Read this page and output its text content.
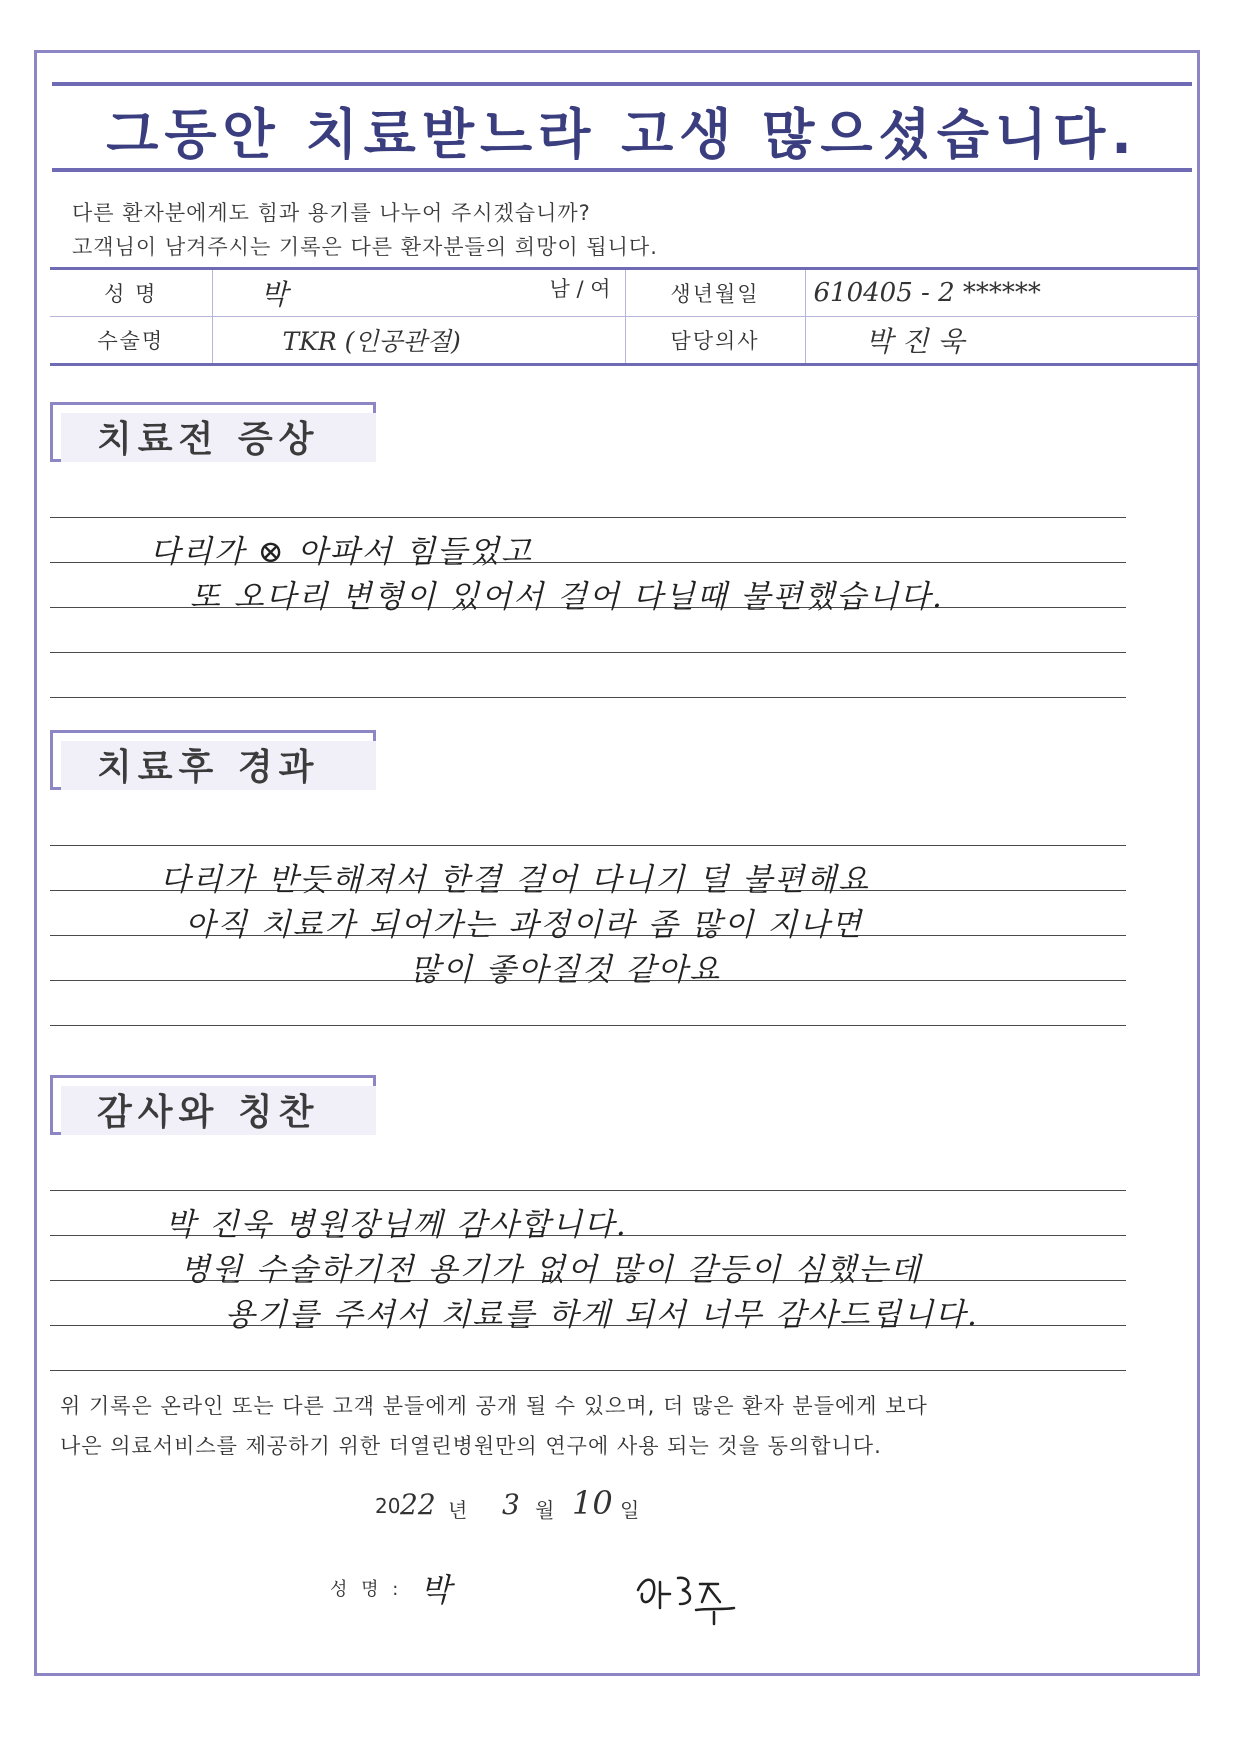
그동안 치료받느라 고생 많으셨습니다.
다른 환자분에게도 힘과 용기를 나누어 주시겠습니까?
고객님이 남겨주시는 기록은 다른 환자분들의 희망이 됩니다.
성 명	박 남 / 여	생년월일	610405 - 2 ******
수술명	TKR (인공관절)	담당의사	박 진 욱
치료전 증상
다리가 ⊗ 아파서 힘들었고
또 오다리 변형이 있어서 걸어 다닐때 불편했습니다.
치료후 경과
다리가 반듯해져서 한결 걸어 다니기 덜 불편해요
아직 치료가 되어가는 과정이라 좀 많이 지나면
많이 좋아질것 같아요
감사와 칭찬
박 진욱 병원장님께 감사합니다.
병원 수술하기전 용기가 없어 많이 갈등이 심했는데
용기를 주셔서 치료를 하게 되서 너무 감사드립니다.
위 기록은 온라인 또는 다른 고객 분들에게 공개 될 수 있으며, 더 많은 환자 분들에게 보다
나은 의료서비스를 제공하기 위한 더열린병원만의 연구에 사용 되는 것을 동의합니다.
20 22 년 3 월 10 일
성 명 : 박
